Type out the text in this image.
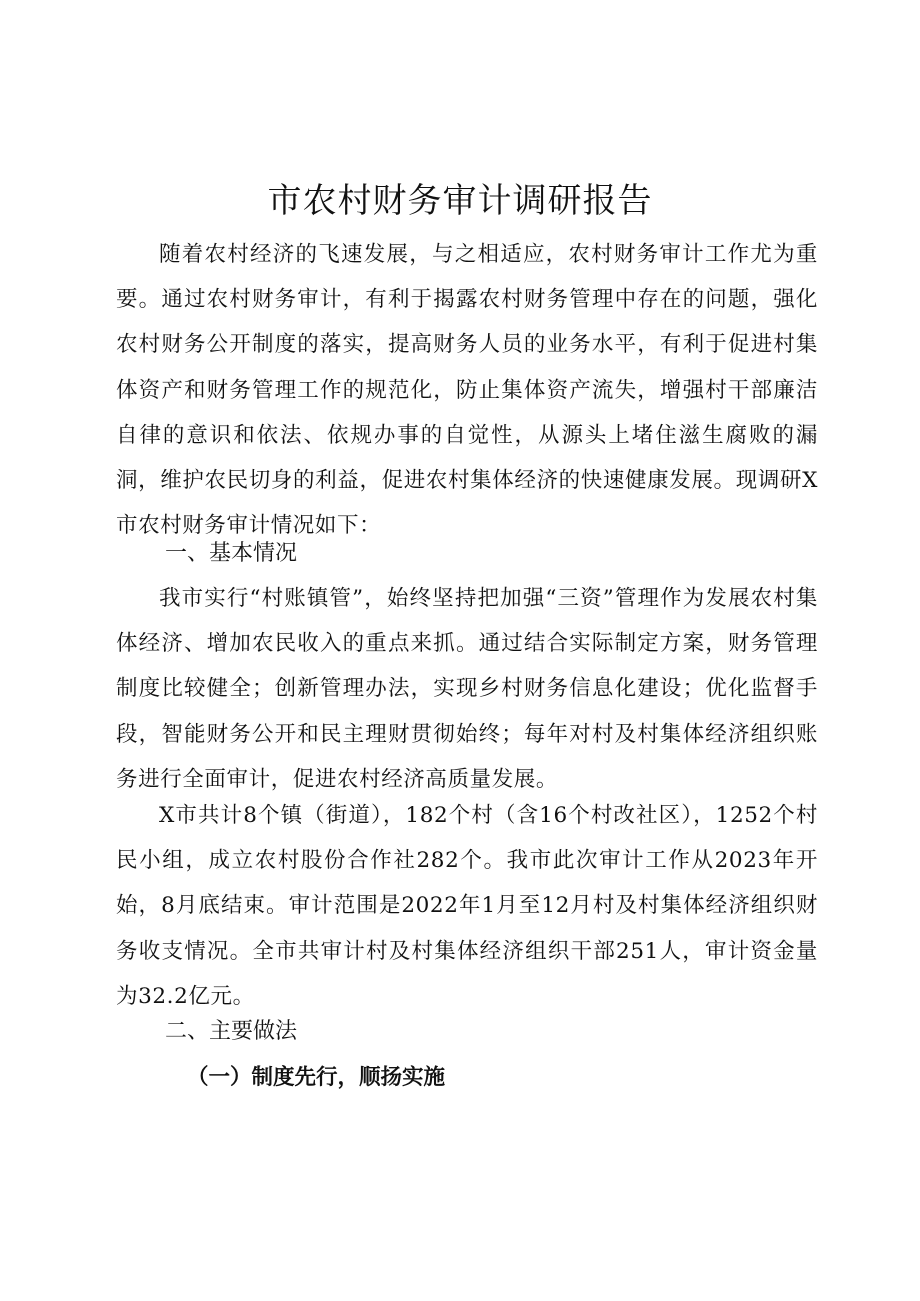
市农村财务审计调研报告

随着农村经济的飞速发展，与之相适应，农村财务审计工作尤为重要。通过农村财务审计，有利于揭露农村财务管理中存在的问题，强化农村财务公开制度的落实，提高财务人员的业务水平，有利于促进村集体资产和财务管理工作的规范化，防止集体资产流失，增强村干部廉洁自律的意识和依法、依规办事的自觉性，从源头上堵住滋生腐败的漏洞，维护农民切身的利益，促进农村集体经济的快速健康发展。现调研X市农村财务审计情况如下：

一、基本情况

我市实行“村账镇管”，始终坚持把加强“三资”管理作为发展农村集体经济、增加农民收入的重点来抓。通过结合实际制定方案，财务管理制度比较健全；创新管理办法，实现乡村财务信息化建设；优化监督手段，智能财务公开和民主理财贯彻始终；每年对村及村集体经济组织账务进行全面审计，促进农村经济高质量发展。

X市共计8个镇（街道），182个村（含16个村改社区），1252个村民小组，成立农村股份合作社282个。我市此次审计工作从2023年开始，8月底结束。审计范围是2022年1月至12月村及村集体经济组织财务收支情况。全市共审计村及村集体经济组织干部251人，审计资金量为32.2亿元。

二、主要做法
（一）制度先行，顺扬实施
